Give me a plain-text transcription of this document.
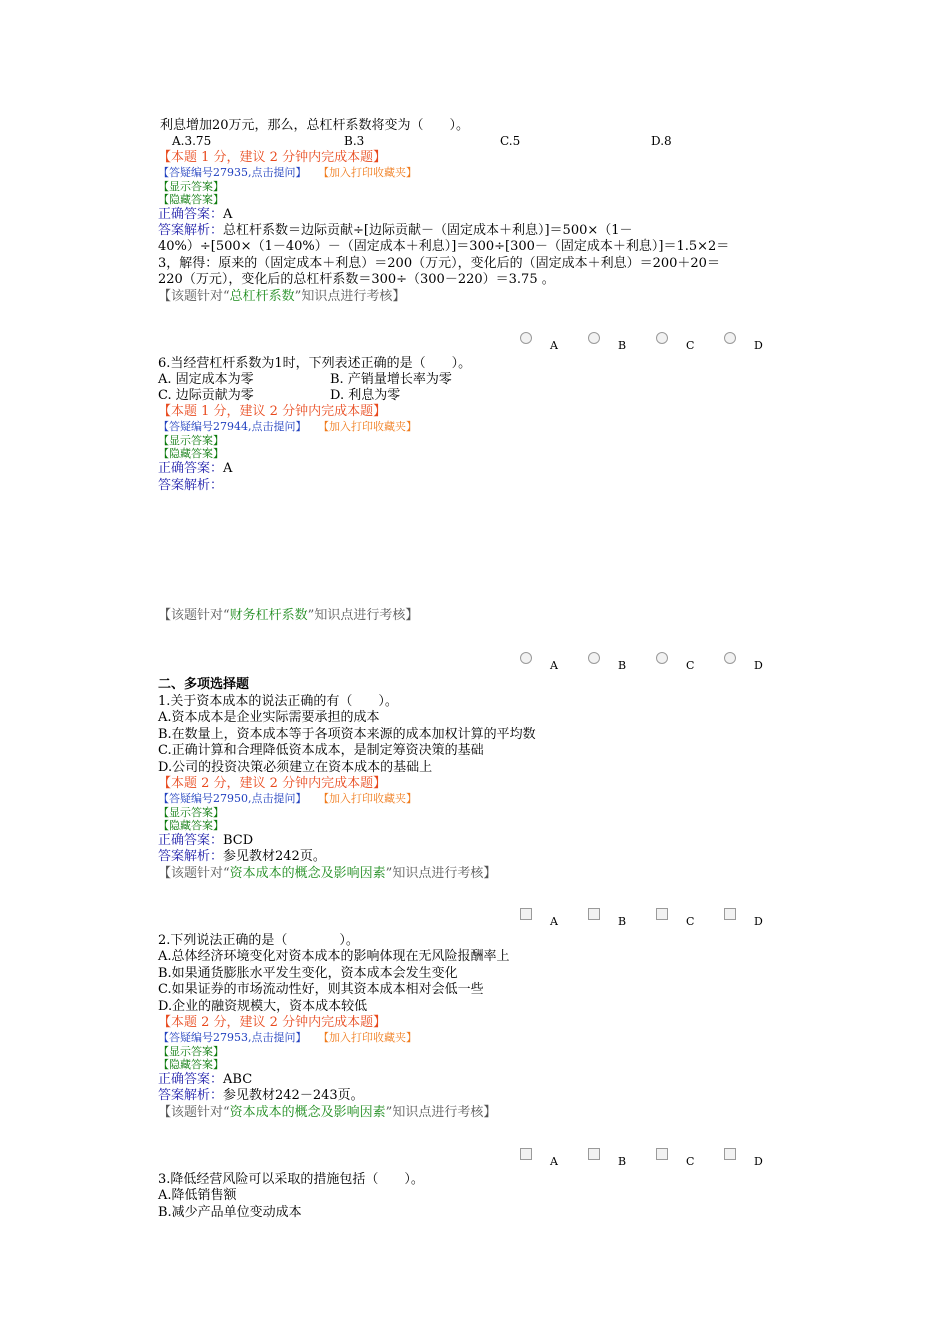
利息增加20万元，那么，总杠杆系数将变为（　　）。
A.3.75	B.3	C.5	D.8
【本题 1 分，建议 2 分钟内完成本题】
【答疑编号27935,点击提问】 【加入打印收藏夹】
【显示答案】
【隐藏答案】
正确答案：A
答案解析：总杠杆系数＝边际贡献÷[边际贡献－（固定成本＋利息）]＝500×（1－
40%）÷[500×（1－40%）－（固定成本＋利息）]＝300÷[300－（固定成本＋利息）]＝1.5×2＝
3，解得：原来的（固定成本＋利息）＝200（万元），变化后的（固定成本＋利息）＝200＋20＝
220（万元），变化后的总杠杆系数＝300÷（300－220）＝3.75 。
【该题针对“总杠杆系数”知识点进行考核】
A	B	C	D
6.当经营杠杆系数为1时，下列表述正确的是（　　）。
A. 固定成本为零	B. 产销量增长率为零
C. 边际贡献为零	D. 利息为零
【本题 1 分，建议 2 分钟内完成本题】
【答疑编号27944,点击提问】 【加入打印收藏夹】
【显示答案】
【隐藏答案】
正确答案：A
答案解析：
【该题针对“财务杠杆系数”知识点进行考核】
A	B	C	D
二、多项选择题
1.关于资本成本的说法正确的有（　　）。
A.资本成本是企业实际需要承担的成本
B.在数量上，资本成本等于各项资本来源的成本加权计算的平均数
C.正确计算和合理降低资本成本，是制定筹资决策的基础
D.公司的投资决策必须建立在资本成本的基础上
【本题 2 分，建议 2 分钟内完成本题】
【答疑编号27950,点击提问】 【加入打印收藏夹】
【显示答案】
【隐藏答案】
正确答案：BCD
答案解析：参见教材242页。
【该题针对“资本成本的概念及影响因素”知识点进行考核】
A	B	C	D
2.下列说法正确的是（　　　　）。
A.总体经济环境变化对资本成本的影响体现在无风险报酬率上
B.如果通货膨胀水平发生变化，资本成本会发生变化
C.如果证券的市场流动性好，则其资本成本相对会低一些
D.企业的融资规模大，资本成本较低
【本题 2 分，建议 2 分钟内完成本题】
【答疑编号27953,点击提问】 【加入打印收藏夹】
【显示答案】
【隐藏答案】
正确答案：ABC
答案解析：参见教材242－243页。
【该题针对“资本成本的概念及影响因素”知识点进行考核】
A	B	C	D
3.降低经营风险可以采取的措施包括（　　）。
A.降低销售额
B.减少产品单位变动成本
